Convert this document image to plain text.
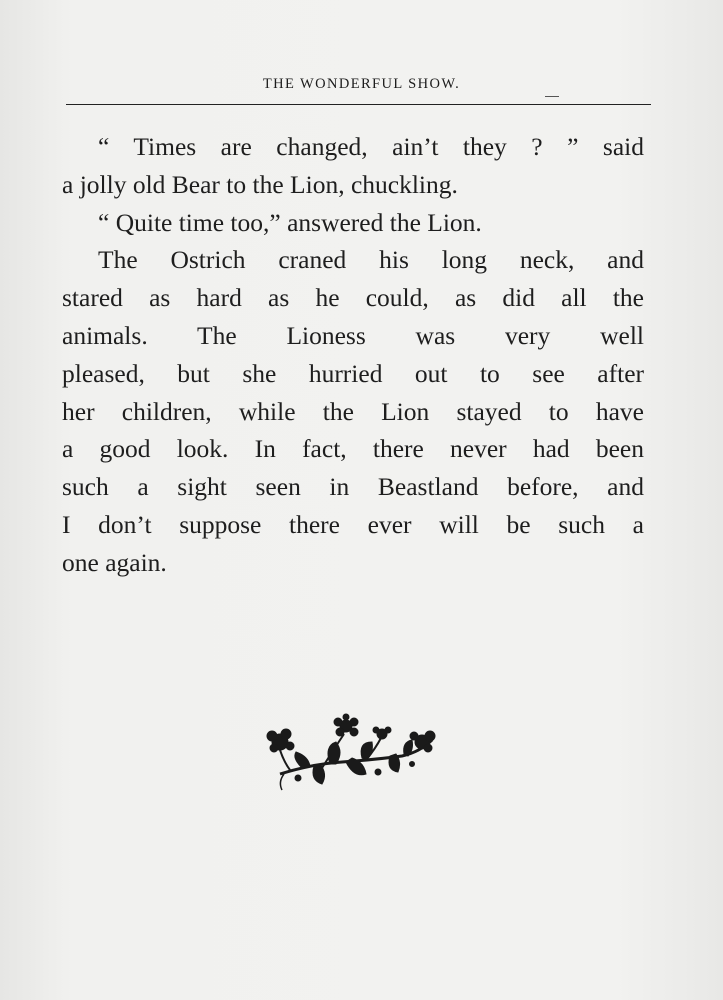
THE WONDERFUL SHOW.
“ Times are changed, ain’t they ? ” said
a jolly old Bear to the Lion, chuckling.
“ Quite time too,” answered the Lion.
The Ostrich craned his long neck, and
stared as hard as he could, as did all the
animals. The Lioness was very well
pleased, but she hurried out to see after
her children, while the Lion stayed to have
a good look. In fact, there never had been
such a sight seen in Beastland before, and
I don’t suppose there ever will be such a
one again.
